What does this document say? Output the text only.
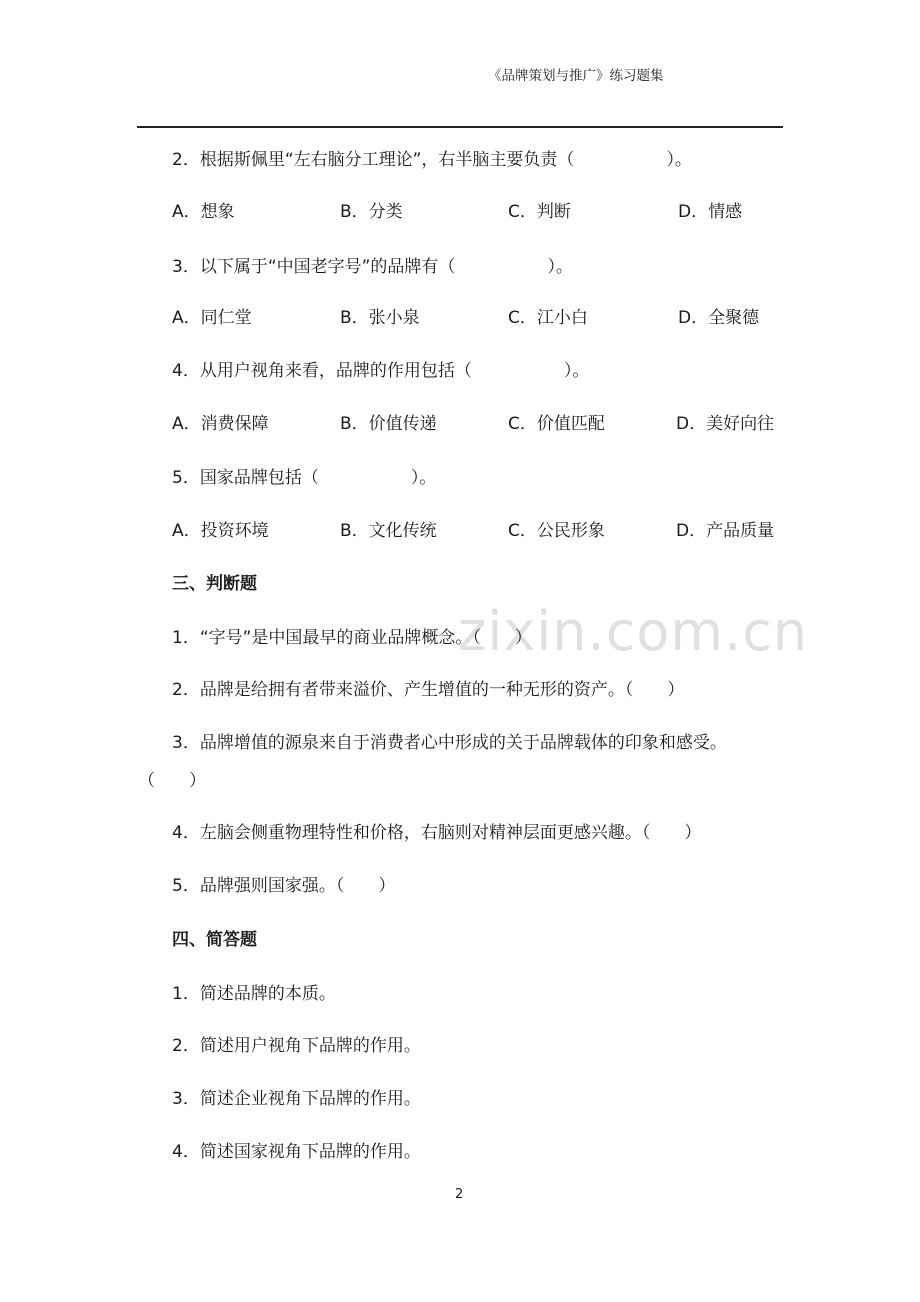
《品牌策划与推广》练习题集
zixin.com.cn
2．根据斯佩里“左右脑分工理论”，右半脑主要负责（	）。
A．想象	B．分类	C．判断	D．情感
3．以下属于“中国老字号”的品牌有（	）。
A．同仁堂	B．张小泉	C．江小白	D．全聚德
4．从用户视角来看，品牌的作用包括（	）。
A．消费保障	B．价值传递	C．价值匹配	D．美好向往
5．国家品牌包括（	）。
A．投资环境	B．文化传统	C．公民形象	D．产品质量
三、判断题
1．“字号”是中国最早的商业品牌概念。（　　）
2．品牌是给拥有者带来溢价、产生增值的一种无形的资产。（　　）
3．品牌增值的源泉来自于消费者心中形成的关于品牌载体的印象和感受。
（　　）
4．左脑会侧重物理特性和价格，右脑则对精神层面更感兴趣。（　　）
5．品牌强则国家强。（　　）
四、简答题
1．简述品牌的本质。
2．简述用户视角下品牌的作用。
3．简述企业视角下品牌的作用。
4．简述国家视角下品牌的作用。
2
